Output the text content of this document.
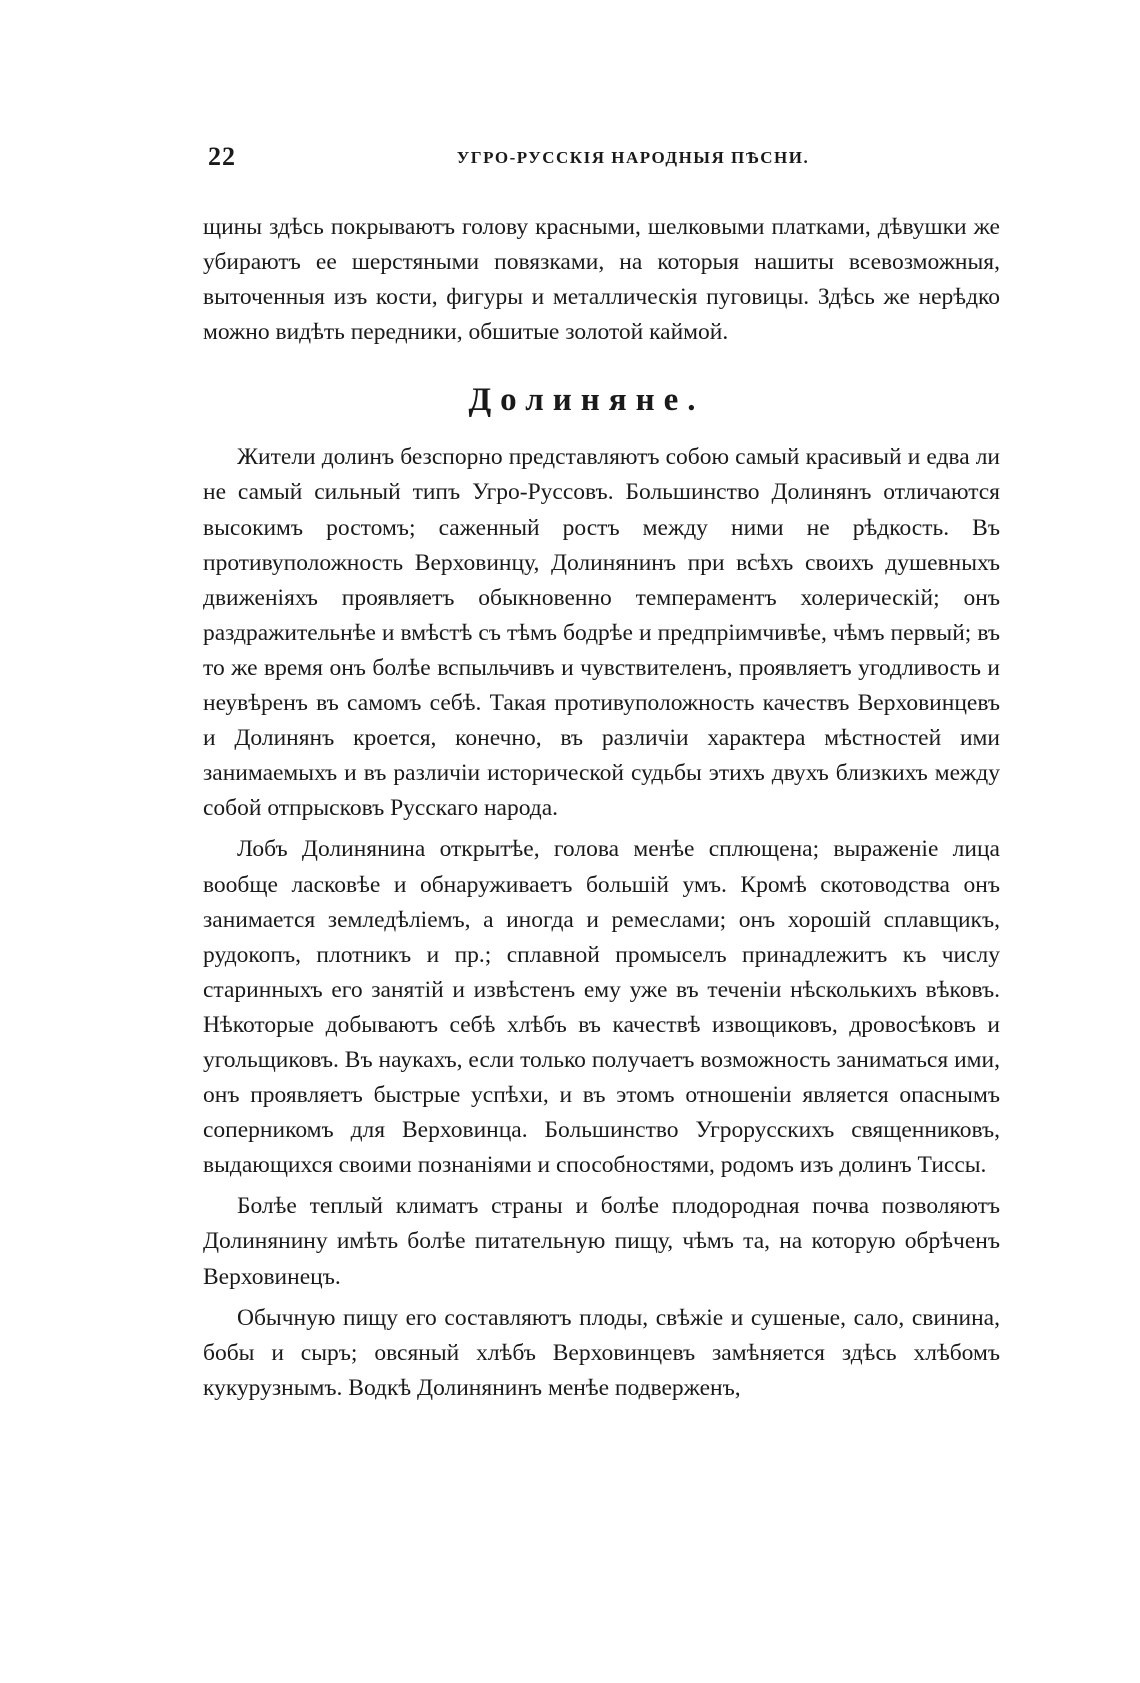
22	УГРО-РУССКІЯ НАРОДНЫЯ ПѢСНИ.

щины здѣсь покрываютъ голову красными, шелковыми платками, дѣвушки же убираютъ ее шерстяными повязками, на которыя нашиты всевозможныя, выточенныя изъ кости, фигуры и металлическія пуговицы. Здѣсь же нерѣдко можно видѣть передники, обшитые золотой каймой.

Долиняне.

Жители долинъ безспорно представляютъ собою самый красивый и едва ли не самый сильный типъ Угро-Руссовъ. Большинство Долинянъ отличаются высокимъ ростомъ; саженный ростъ между ними не рѣдкость. Въ противуположность Верховинцу, Долинянинъ при всѣхъ своихъ душевныхъ движеніяхъ проявляетъ обыкновенно темпераментъ холерическій; онъ раздражительнѣе и вмѣстѣ съ тѣмъ бодрѣе и предпріимчивѣе, чѣмъ первый; въ то же время онъ болѣе вспыльчивъ и чувствителенъ, проявляетъ угодливость и неувѣренъ въ самомъ себѣ. Такая противуположность качествъ Верховинцевъ и Долинянъ кроется, конечно, въ различіи характера мѣстностей ими занимаемыхъ и въ различіи исторической судьбы этихъ двухъ близкихъ между собой отпрысковъ Русскаго народа.

Лобъ Долинянина открытѣе, голова менѣе сплющена; выраженіе лица вообще ласковѣе и обнаруживаетъ большій умъ. Кромѣ скотоводства онъ занимается земледѣліемъ, а иногда и ремеслами; онъ хорошій сплавщикъ, рудокопъ, плотникъ и пр.; сплавной промыселъ принадлежитъ къ числу старинныхъ его занятій и извѣстенъ ему уже въ теченіи нѣсколькихъ вѣковъ. Нѣкоторые добываютъ себѣ хлѣбъ въ качествѣ извощиковъ, дровосѣковъ и угольщиковъ. Въ наукахъ, если только получаетъ возможность заниматься ими, онъ проявляетъ быстрые успѣхи, и въ этомъ отношеніи является опаснымъ соперникомъ для Верховинца. Большинство Угрорусскихъ священниковъ, выдающихся своими познаніями и способностями, родомъ изъ долинъ Тиссы.

Болѣе теплый климатъ страны и болѣе плодородная почва позволяютъ Долинянину имѣть болѣе питательную пищу, чѣмъ та, на которую обрѣченъ Верховинецъ.

Обычную пищу его составляютъ плоды, свѣжіе и сушеные, сало, свинина, бобы и сыръ; овсяный хлѣбъ Верховинцевъ замѣняется здѣсь хлѣбомъ кукурузнымъ. Водкѣ Долинянинъ менѣе подверженъ,
